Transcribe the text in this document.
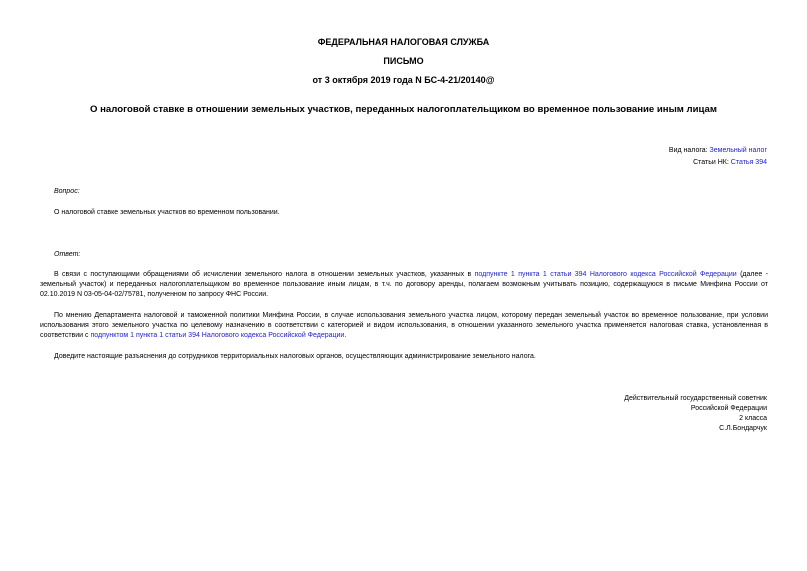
ФЕДЕРАЛЬНАЯ НАЛОГОВАЯ СЛУЖБА
ПИСЬМО
от 3 октября 2019 года N БС-4-21/20140@
О налоговой ставке в отношении земельных участков, переданных налогоплательщиком во временное пользование иным лицам
Вид налога: Земельный налог
Статьи НК: Статья 394
Вопрос:
О налоговой ставке земельных участков во временном пользовании.
Ответ:
В связи с поступающими обращениями об исчислении земельного налога в отношении земельных участков, указанных в подпункте 1 пункта 1 статьи 394 Налогового кодекса Российской Федерации (далее - земельный участок) и переданных налогоплательщиком во временное пользование иным лицам, в т.ч. по договору аренды, полагаем возможным учитывать позицию, содержащуюся в письме Минфина России от 02.10.2019 N 03-05-04-02/75781, полученном по запросу ФНС России.
По мнению Департамента налоговой и таможенной политики Минфина России, в случае использования земельного участка лицом, которому передан земельный участок во временное пользование, при условии использования этого земельного участка по целевому назначению в соответствии с категорией и видом использования, в отношении указанного земельного участка применяется налоговая ставка, установленная в соответствии с подпунктом 1 пункта 1 статьи 394 Налогового кодекса Российской Федерации.
Доведите настоящие разъяснения до сотрудников территориальных налоговых органов, осуществляющих администрирование земельного налога.
Действительный государственный советник
Российской Федерации
2 класса
С.Л.Бондарчук
